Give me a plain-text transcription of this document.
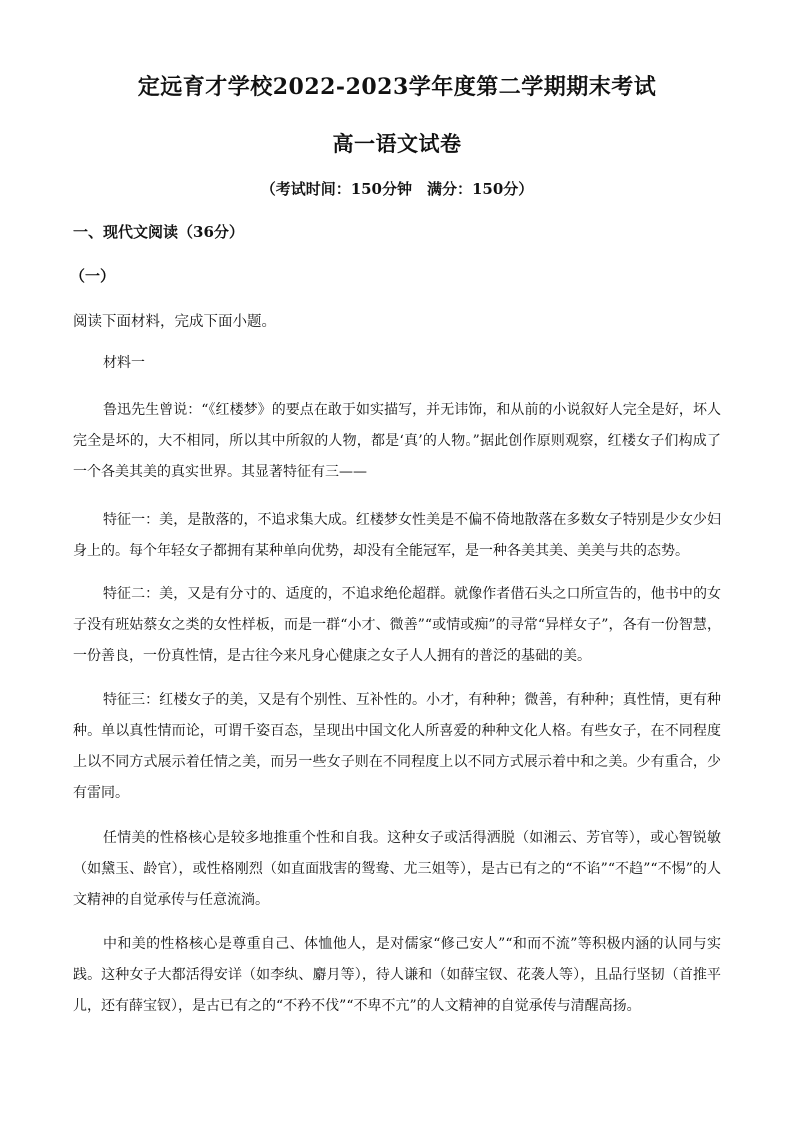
定远育才学校2022-2023学年度第二学期期末考试
高一语文试卷
（考试时间：150分钟　满分：150分）
一、现代文阅读（36分）
（一）
阅读下面材料，完成下面小题。
材料一

鲁迅先生曾说：“《红楼梦》的要点在敢于如实描写，并无讳饰，和从前的小说叙好人完全是好，坏人完全是坏的，大不相同，所以其中所叙的人物，都是‘真’的人物。”据此创作原则观察，红楼女子们构成了一个各美其美的真实世界。其显著特征有三——

特征一：美，是散落的，不追求集大成。红楼梦女性美是不偏不倚地散落在多数女子特别是少女少妇身上的。每个年轻女子都拥有某种单向优势，却没有全能冠军，是一种各美其美、美美与共的态势。

特征二：美，又是有分寸的、适度的，不追求绝伦超群。就像作者借石头之口所宣告的，他书中的女子没有班姑蔡女之类的女性样板，而是一群“小才、微善”“或情或痴”的寻常“异样女子”，各有一份智慧，一份善良，一份真性情，是古往今来凡身心健康之女子人人拥有的普泛的基础的美。

特征三：红楼女子的美，又是有个别性、互补性的。小才，有种种；微善，有种种；真性情，更有种种。单以真性情而论，可谓千姿百态，呈现出中国文化人所喜爱的种种文化人格。有些女子，在不同程度上以不同方式展示着任情之美，而另一些女子则在不同程度上以不同方式展示着中和之美。少有重合，少有雷同。

任情美的性格核心是较多地推重个性和自我。这种女子或活得洒脱（如湘云、芳官等），或心智锐敏（如黛玉、龄官），或性格刚烈（如直面戕害的鸳鸯、尤三姐等），是古已有之的“不谄”“不趋”“不惕”的人文精神的自觉承传与任意流淌。

中和美的性格核心是尊重自己、体恤他人，是对儒家“修己安人”“和而不流”等积极内涵的认同与实践。这种女子大都活得安详（如李纨、麝月等），待人谦和（如薛宝钗、花袭人等），且品行坚韧（首推平儿，还有薛宝钗），是古已有之的“不矜不伐”“不卑不亢”的人文精神的自觉承传与清醒高扬。
